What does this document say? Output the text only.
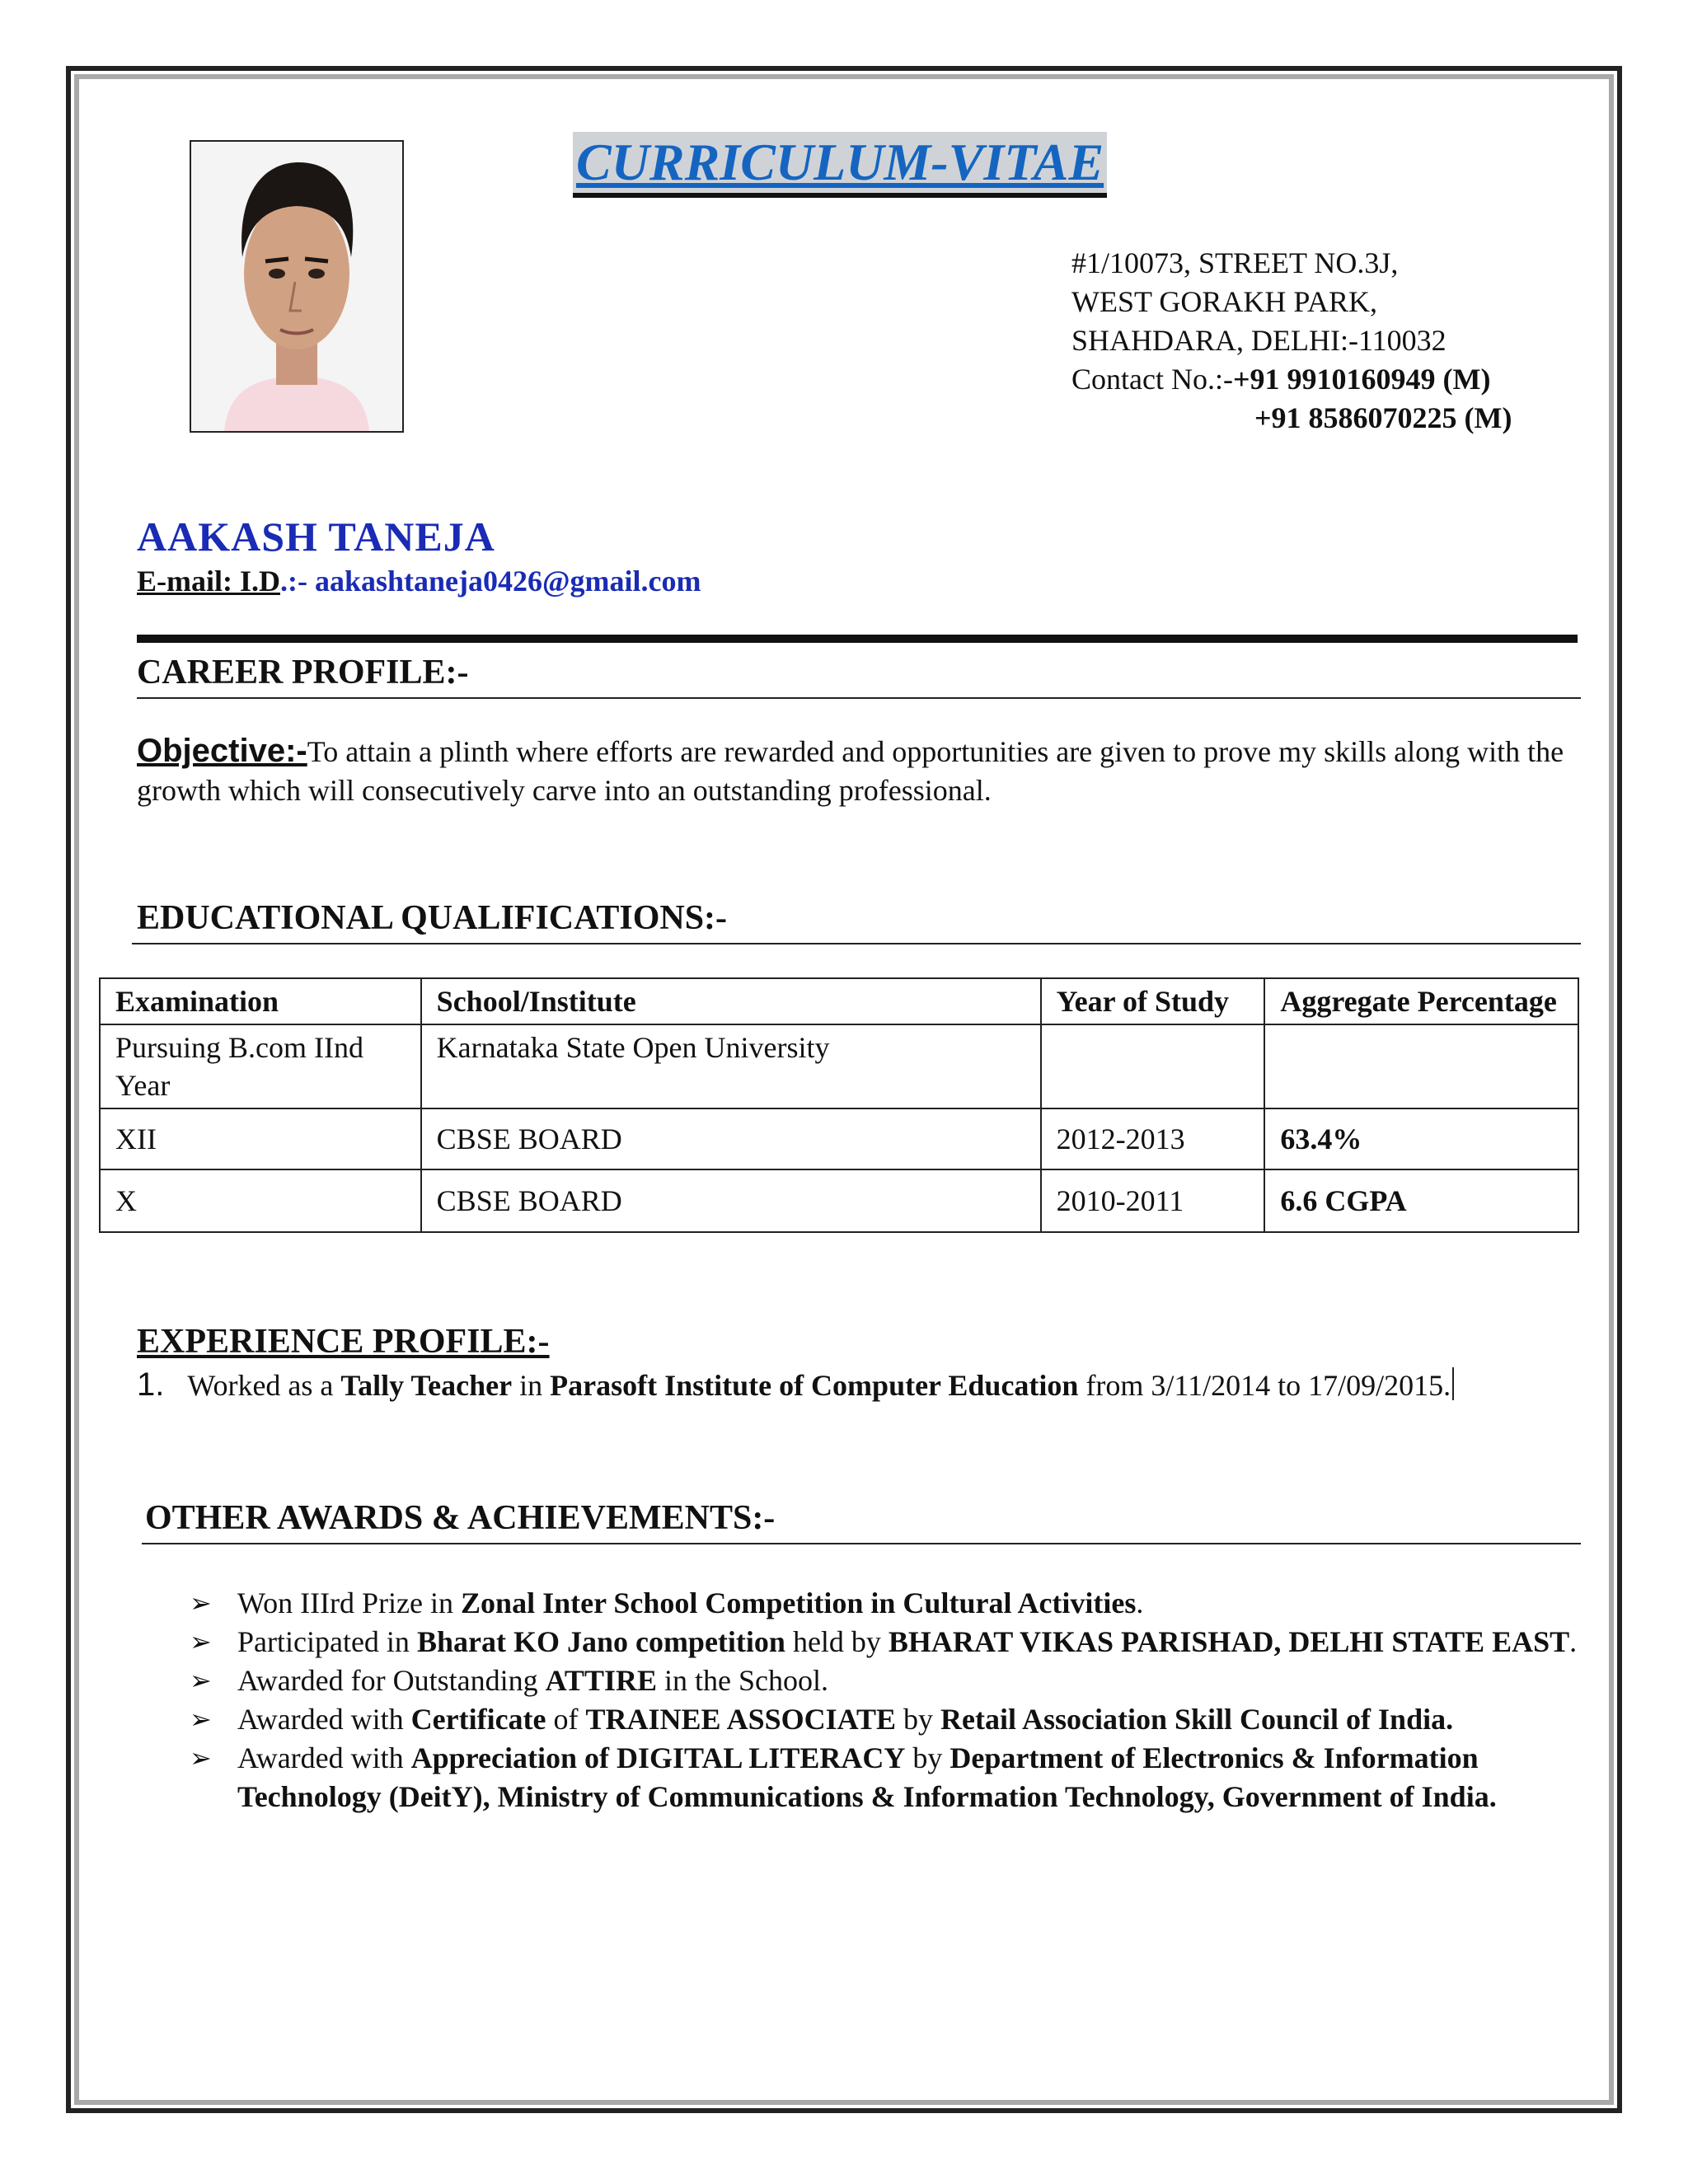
CURRICULUM-VITAE
#1/10073, STREET NO.3J,
WEST GORAKH PARK,
SHAHDARA, DELHI:-110032
Contact No.:-+91 9910160949 (M)
+91 8586070225 (M)
AAKASH TANEJA
E-mail: I.D.:- aakashtaneja0426@gmail.com
CAREER PROFILE:-
Objective:-To attain a plinth where efforts are rewarded and opportunities are given to prove my skills along with the growth which will consecutively carve into an outstanding professional.
EDUCATIONAL QUALIFICATIONS:-
Examination	School/Institute	Year of Study	Aggregate Percentage
Pursuing B.com IInd Year	Karnataka State Open University		
XII	CBSE BOARD	2012-2013	63.4%
X	CBSE BOARD	2010-2011	6.6 CGPA
EXPERIENCE PROFILE:-
1. Worked as a Tally Teacher in Parasoft Institute of Computer Education from 3/11/2014 to 17/09/2015.
OTHER AWARDS & ACHIEVEMENTS:-
➢ Won IIIrd Prize in Zonal Inter School Competition in Cultural Activities.
➢ Participated in Bharat KO Jano competition held by BHARAT VIKAS PARISHAD, DELHI STATE EAST.
➢ Awarded for Outstanding ATTIRE in the School.
➢ Awarded with Certificate of TRAINEE ASSOCIATE by Retail Association Skill Council of India.
➢ Awarded with Appreciation of DIGITAL LITERACY by Department of Electronics & Information Technology (DeitY), Ministry of Communications & Information Technology, Government of India.
